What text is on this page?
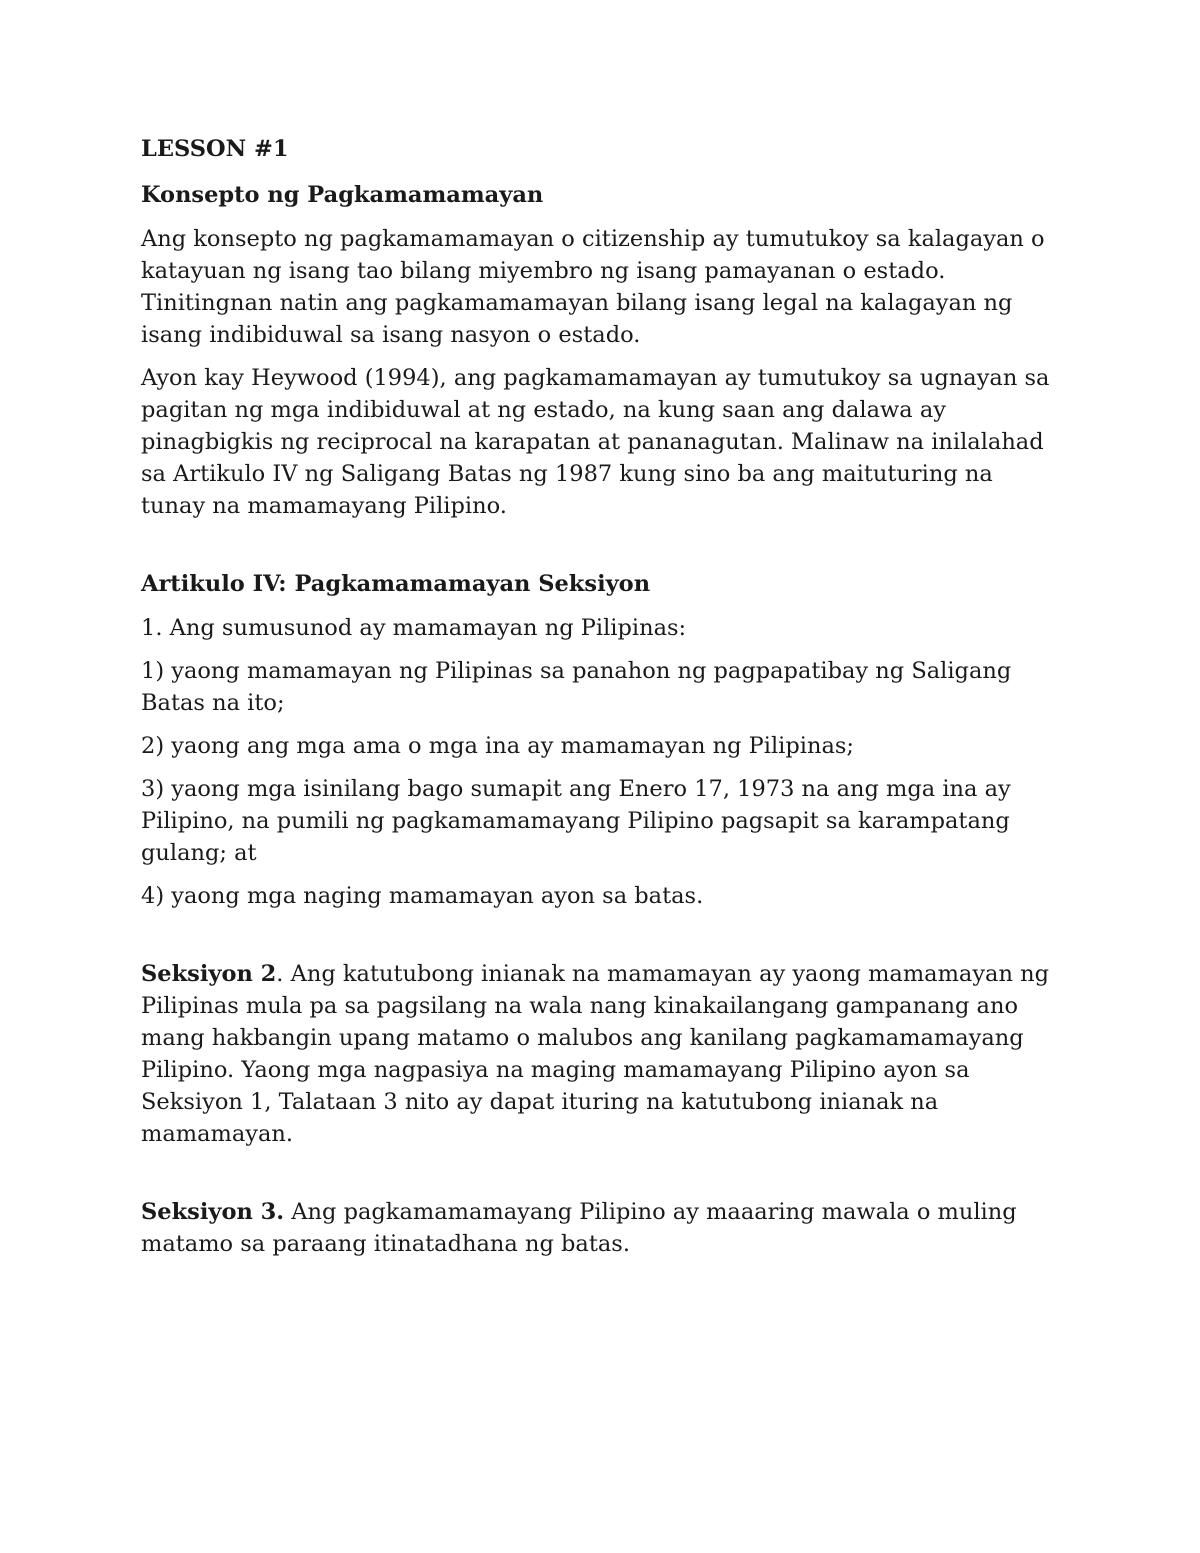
LESSON #1

Konsepto ng Pagkamamamayan

Ang konsepto ng pagkamamamayan o citizenship ay tumutukoy sa kalagayan o katayuan ng isang tao bilang miyembro ng isang pamayanan o estado. Tinitingnan natin ang pagkamamamayan bilang isang legal na kalagayan ng isang indibiduwal sa isang nasyon o estado.

Ayon kay Heywood (1994), ang pagkamamamayan ay tumutukoy sa ugnayan sa pagitan ng mga indibiduwal at ng estado, na kung saan ang dalawa ay pinagbigkis ng reciprocal na karapatan at pananagutan. Malinaw na inilalahad sa Artikulo IV ng Saligang Batas ng 1987 kung sino ba ang maituturing na tunay na mamamayang Pilipino.

Artikulo IV: Pagkamamamayan Seksiyon

1. Ang sumusunod ay mamamayan ng Pilipinas:

1) yaong mamamayan ng Pilipinas sa panahon ng pagpapatibay ng Saligang Batas na ito;

2) yaong ang mga ama o mga ina ay mamamayan ng Pilipinas;

3) yaong mga isinilang bago sumapit ang Enero 17, 1973 na ang mga ina ay Pilipino, na pumili ng pagkamamamayang Pilipino pagsapit sa karampatang gulang; at

4) yaong mga naging mamamayan ayon sa batas.

Seksiyon 2. Ang katutubong inianak na mamamayan ay yaong mamamayan ng Pilipinas mula pa sa pagsilang na wala nang kinakailangang gampanang ano mang hakbangin upang matamo o malubos ang kanilang pagkamamamayang Pilipino. Yaong mga nagpasiya na maging mamamayang Pilipino ayon sa Seksiyon 1, Talataan 3 nito ay dapat ituring na katutubong inianak na mamamayan.

Seksiyon 3. Ang pagkamamamayang Pilipino ay maaaring mawala o muling matamo sa paraang itinatadhana ng batas.
